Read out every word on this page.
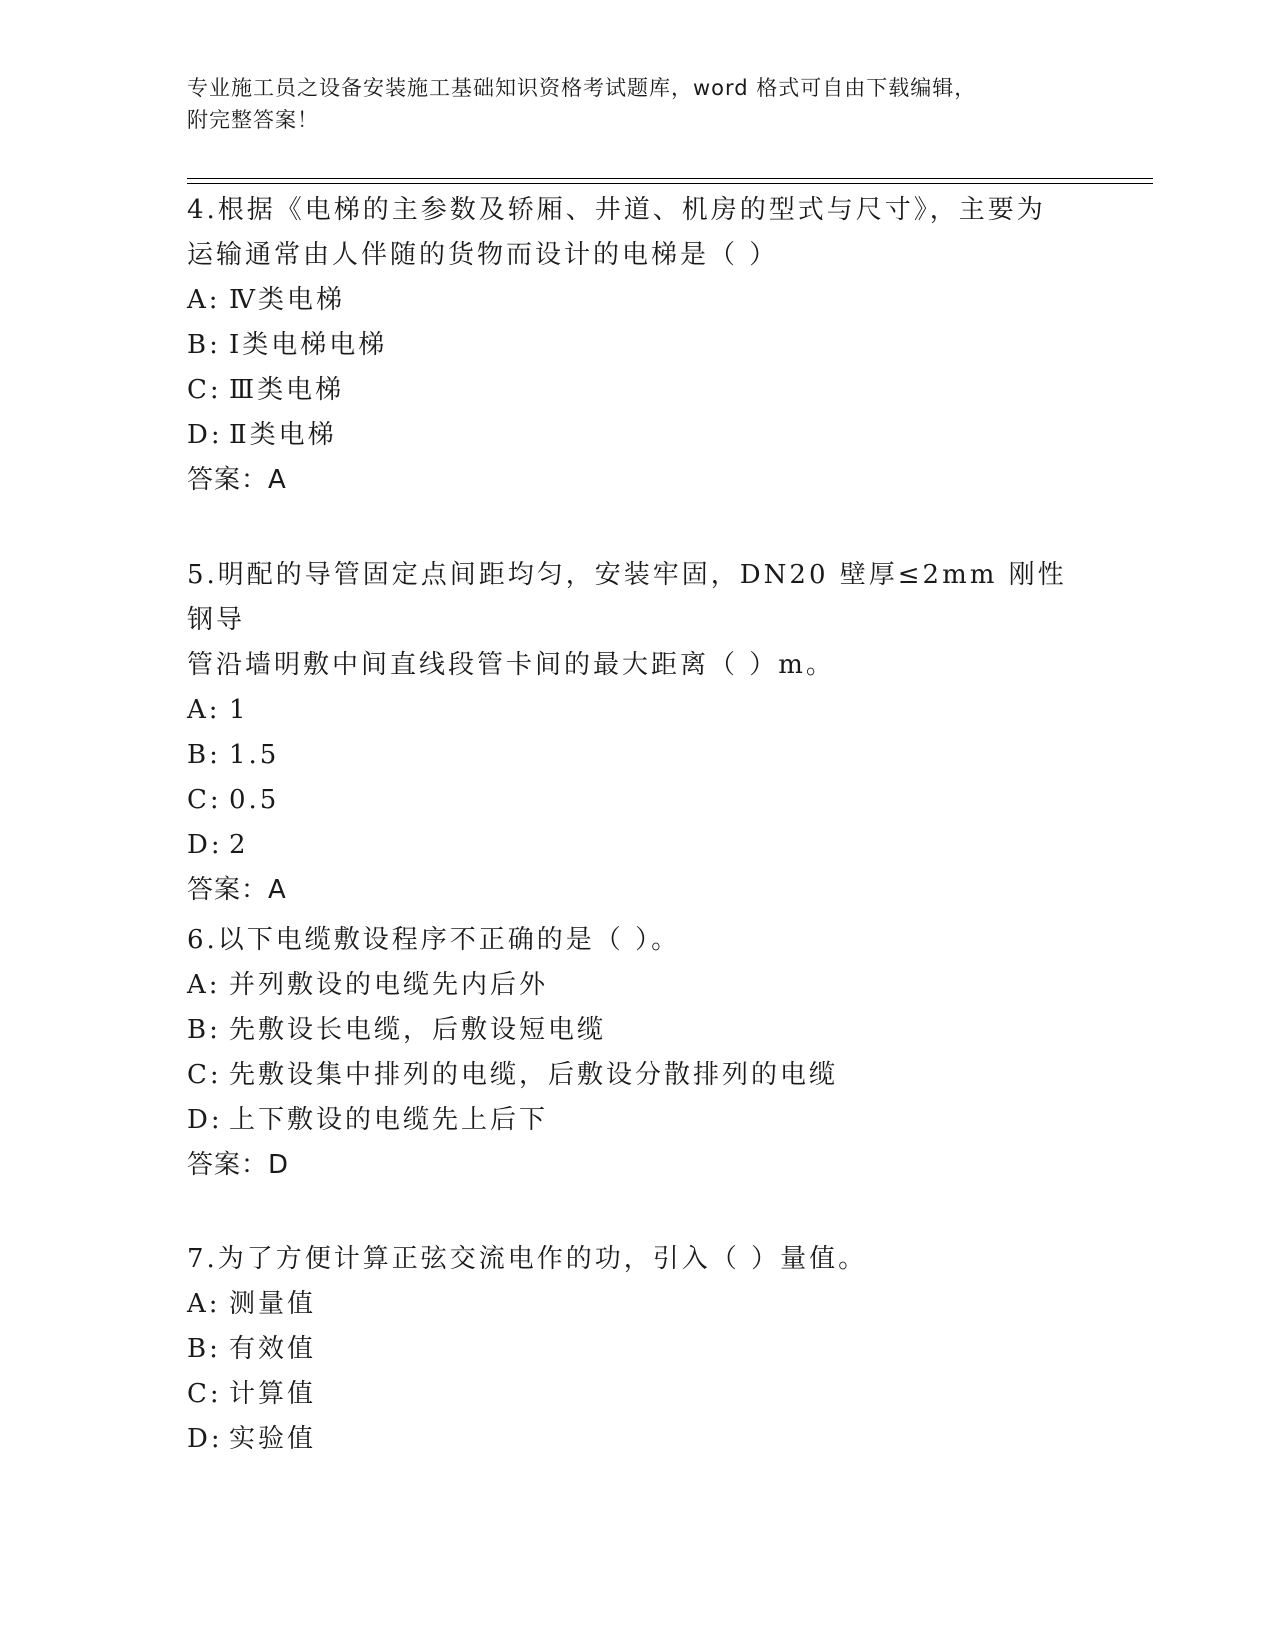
专业施工员之设备安装施工基础知识资格考试题库，word 格式可自由下载编辑，
附完整答案！
4.根据《电梯的主参数及轿厢、井道、机房的型式与尺寸》，主要为
运输通常由人伴随的货物而设计的电梯是（ ）
A: Ⅳ类电梯
B: Ⅰ类电梯电梯
C: Ⅲ类电梯
D: Ⅱ类电梯
答案：A
5.明配的导管固定点间距均匀，安装牢固，DN20 壁厚≤2mm 刚性钢导
管沿墙明敷中间直线段管卡间的最大距离（ ）m。
A: 1
B: 1.5
C: 0.5
D: 2
答案：A
6.以下电缆敷设程序不正确的是（ ）。
A: 并列敷设的电缆先内后外
B: 先敷设长电缆，后敷设短电缆
C: 先敷设集中排列的电缆，后敷设分散排列的电缆
D: 上下敷设的电缆先上后下
答案：D
7.为了方便计算正弦交流电作的功，引入（ ）量值。
A: 测量值
B: 有效值
C: 计算值
D: 实验值
